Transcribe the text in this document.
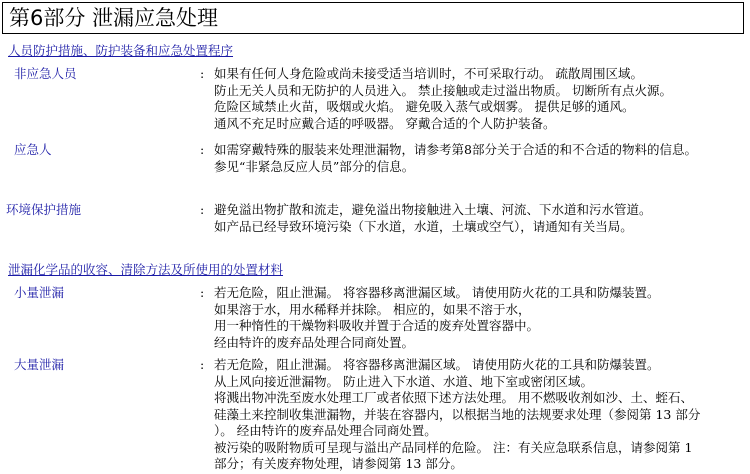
第6部分 泄漏应急处理
人员防护措施、防护装备和应急处置程序
非应急人员	: 如果有任何人身危险或尚未接受适当培训时，不可采取行动。 疏散周围区域。
防止无关人员和无防护的人员进入。 禁止接触或走过溢出物质。 切断所有点火源。
危险区域禁止火苗，吸烟或火焰。 避免吸入蒸气或烟雾。 提供足够的通风。
通风不充足时应戴合适的呼吸器。 穿戴合适的个人防护装备。
应急人	: 如需穿戴特殊的服装来处理泄漏物，请参考第8部分关于合适的和不合适的物料的信息。
参见“非紧急反应人员”部分的信息。
环境保护措施	: 避免溢出物扩散和流走，避免溢出物接触进入土壤、河流、下水道和污水管道。
如产品已经导致环境污染（下水道，水道，土壤或空气），请通知有关当局。
泄漏化学品的收容、清除方法及所使用的处置材料
小量泄漏	: 若无危险，阻止泄漏。 将容器移离泄漏区域。 请使用防火花的工具和防爆装置。
如果溶于水，用水稀释并抹除。 相应的，如果不溶于水，
用一种惰性的干燥物料吸收并置于合适的废弃处置容器中。
经由特许的废弃品处理合同商处置。
大量泄漏	: 若无危险，阻止泄漏。 将容器移离泄漏区域。 请使用防火花的工具和防爆装置。
从上风向接近泄漏物。 防止进入下水道、水道、地下室或密闭区域。
将溅出物冲洗至废水处理工厂或者依照下述方法处理。 用不燃吸收剂如沙、土、蛭石、
硅藻土来控制收集泄漏物，并装在容器内，以根据当地的法规要求处理（参阅第 13 部分
）。 经由特许的废弃品处理合同商处置。
被污染的吸附物质可呈现与溢出产品同样的危险。 注：有关应急联系信息，请参阅第 1
部分；有关废弃物处理，请参阅第 13 部分。
